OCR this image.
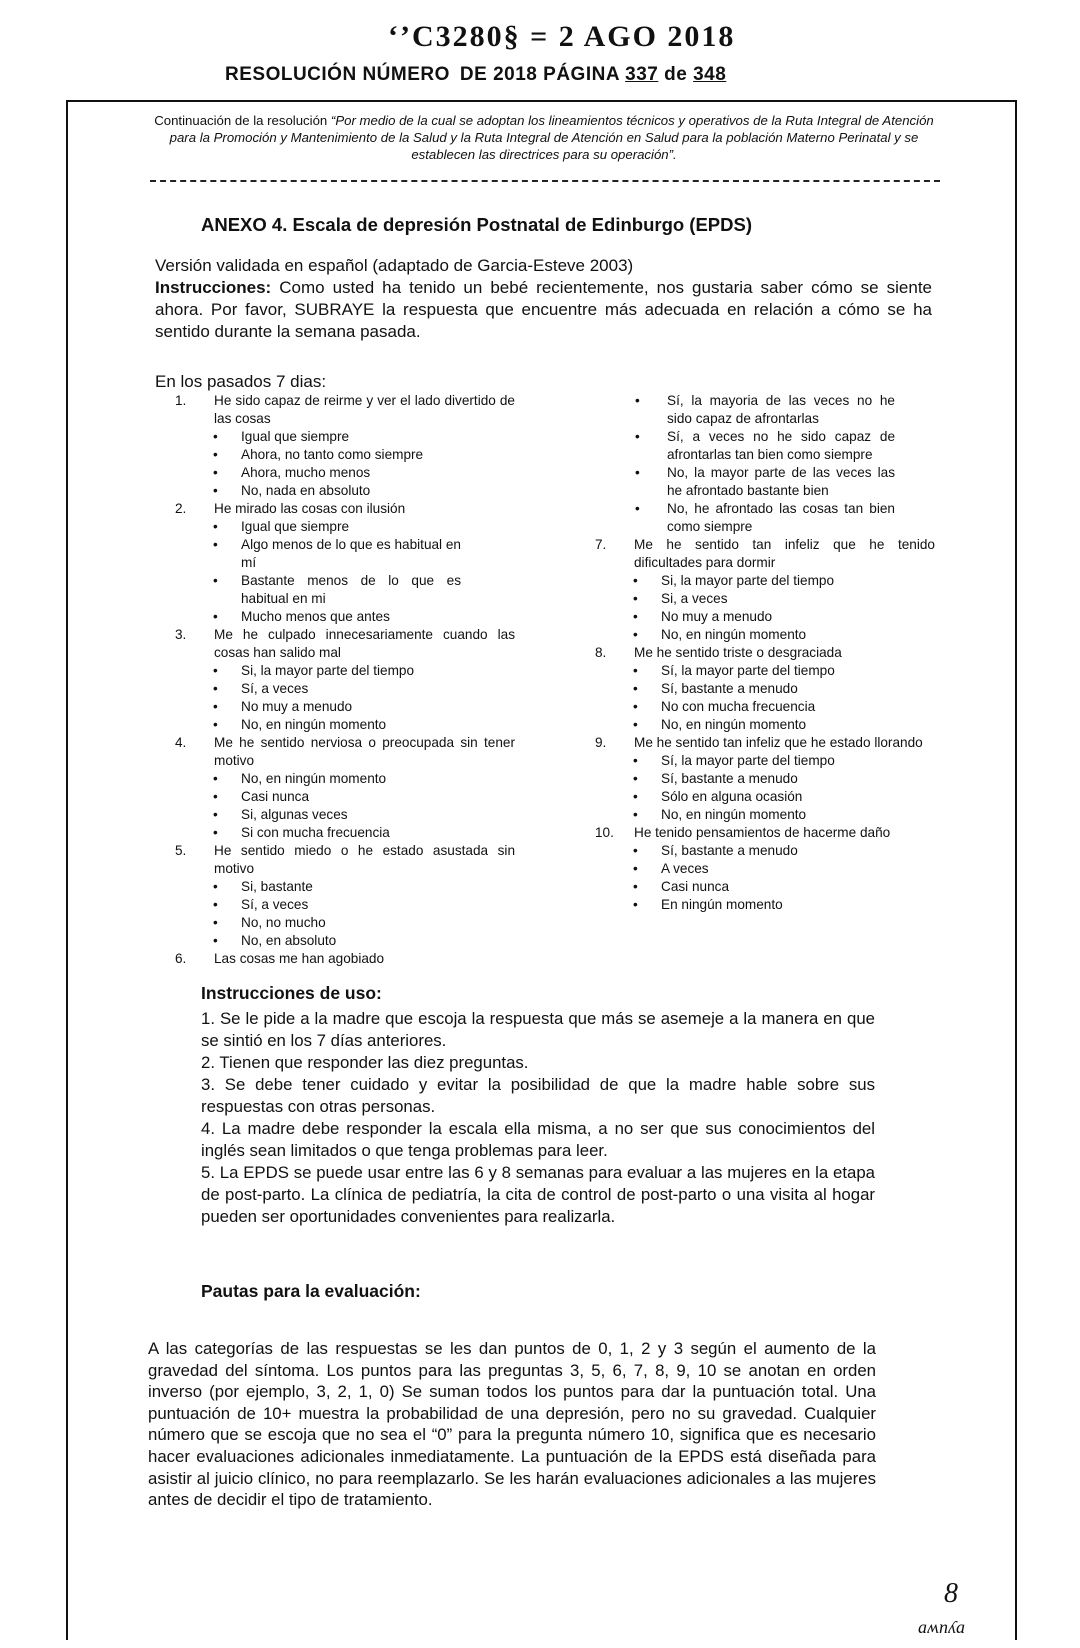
‘’C3280§ = 2 AGO 2018
RESOLUCIÓN NÚMERO DE 2018 PÁGINA 337 de 348
Continuación de la resolución “Por medio de la cual se adoptan los lineamientos técnicos y operativos de la Ruta Integral de Atención para la Promoción y Mantenimiento de la Salud y la Ruta Integral de Atención en Salud para la población Materno Perinatal y se establecen las directrices para su operación”.
ANEXO 4. Escala de depresión Postnatal de Edinburgo (EPDS)
Versión validada en español (adaptado de Garcia-Esteve 2003)
Instrucciones: Como usted ha tenido un bebé recientemente, nos gustaria saber cómo se siente ahora. Por favor, SUBRAYE la respuesta que encuentre más adecuada en relación a cómo se ha sentido durante la semana pasada.
En los pasados 7 dias:
1.	He sido capaz de reirme y ver el lado divertido de las cosas
• Igual que siempre
• Ahora, no tanto como siempre
• Ahora, mucho menos
• No, nada en absoluto
2.	He mirado las cosas con ilusión
• Igual que siempre
• Algo menos de lo que es habitual en mí
• Bastante menos de lo que es habitual en mi
• Mucho menos que antes
3.	Me he culpado innecesariamente cuando las cosas han salido mal
• Si, la mayor parte del tiempo
• Sí, a veces
• No muy a menudo
• No, en ningún momento
4.	Me he sentido nerviosa o preocupada sin tener motivo
• No, en ningún momento
• Casi nunca
• Si, algunas veces
• Si con mucha frecuencia
5.	He sentido miedo o he estado asustada sin motivo
• Si, bastante
• Sí, a veces
• No, no mucho
• No, en absoluto
6.	Las cosas me han agobiado
• Sí, la mayoria de las veces no he sido capaz de afrontarlas
• Sí, a veces no he sido capaz de afrontarlas tan bien como siempre
• No, la mayor parte de las veces las he afrontado bastante bien
• No, he afrontado las cosas tan bien como siempre
7.	Me he sentido tan infeliz que he tenido dificultades para dormir
• Si, la mayor parte del tiempo
• Si, a veces
• No muy a menudo
• No, en ningún momento
8.	Me he sentido triste o desgraciada
• Sí, la mayor parte del tiempo
• Sí, bastante a menudo
• No con mucha frecuencia
• No, en ningún momento
9.	Me he sentido tan infeliz que he estado llorando
• Sí, la mayor parte del tiempo
• Sí, bastante a menudo
• Sólo en alguna ocasión
• No, en ningún momento
10.	He tenido pensamientos de hacerme daño
• Sí, bastante a menudo
• A veces
• Casi nunca
• En ningún momento
Instrucciones de uso:

1. Se le pide a la madre que escoja la respuesta que más se asemeje a la manera en que se sintió en los 7 días anteriores.

2. Tienen que responder las diez preguntas.

3. Se debe tener cuidado y evitar la posibilidad de que la madre hable sobre sus respuestas con otras personas.

4. La madre debe responder la escala ella misma, a no ser que sus conocimientos del inglés sean limitados o que tenga problemas para leer.

5. La EPDS se puede usar entre las 6 y 8 semanas para evaluar a las mujeres en la etapa de post-parto. La clínica de pediatría, la cita de control de post-parto o una visita al hogar pueden ser oportunidades convenientes para realizarla.

Pautas para la evaluación:
A las categorías de las respuestas se les dan puntos de 0, 1, 2 y 3 según el aumento de la gravedad del síntoma. Los puntos para las preguntas 3, 5, 6, 7, 8, 9, 10 se anotan en orden inverso (por ejemplo, 3, 2, 1, 0) Se suman todos los puntos para dar la puntuación total. Una puntuación de 10+ muestra la probabilidad de una depresión, pero no su gravedad. Cualquier número que se escoja que no sea el “0” para la pregunta número 10, significa que es necesario hacer evaluaciones adicionales inmediatamente. La puntuación de la EPDS está diseñada para asistir al juicio clínico, no para reemplazarlo. Se les harán evaluaciones adicionales a las mujeres antes de decidir el tipo de tratamiento.
8
aʍnʎa
